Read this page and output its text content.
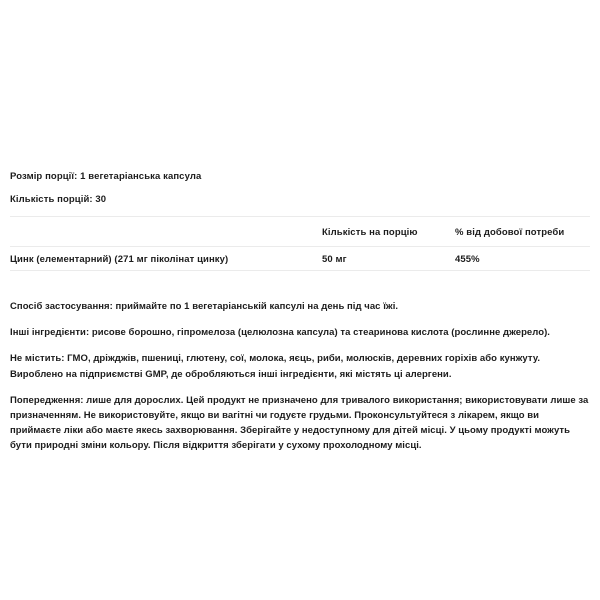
Розмір порції: 1 вегетаріанська капсула

Кількість порцій: 30

	Кількість на порцію	% від добової потреби
Цинк (елементарний) (271 мг піколінат цинку)	50 мг	455%

Спосіб застосування: приймайте по 1 вегетаріанській капсулі на день під час їжі.

Інші інгредієнти: рисове борошно, гіпромелоза (целюлозна капсула) та стеаринова кислота (рослинне джерело).

Не містить: ГМО, дріжджів, пшениці, глютену, сої, молока, яєць, риби, молюсків, деревних горіхів або кунжуту. Вироблено на підприємстві GMP, де обробляються інші інгредієнти, які містять ці алергени.

Попередження: лише для дорослих. Цей продукт не призначено для тривалого використання; використовувати лише за призначенням. Не використовуйте, якщо ви вагітні чи годуєте грудьми. Проконсультуйтеся з лікарем, якщо ви приймаєте ліки або маєте якесь захворювання. Зберігайте у недоступному для дітей місці. У цьому продукті можуть бути природні зміни кольору. Після відкриття зберігати у сухому прохолодному місці.
